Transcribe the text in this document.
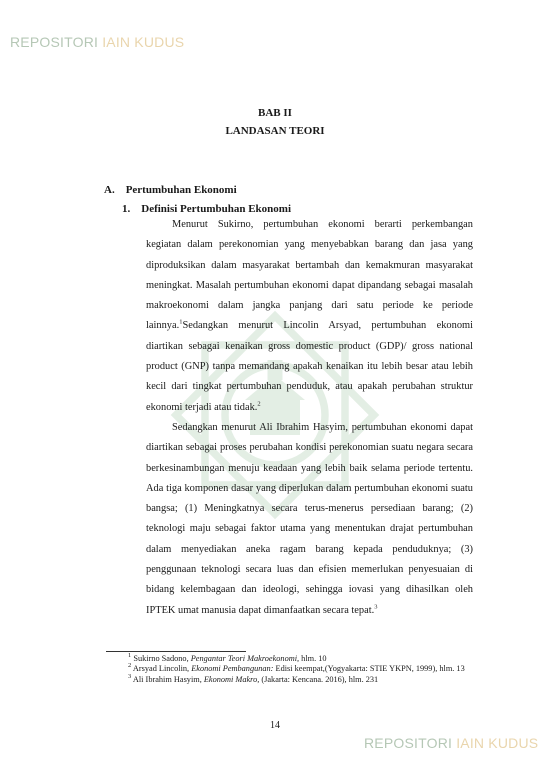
REPOSITORI IAIN KUDUS
BAB II
LANDASAN TEORI
A. Pertumbuhan Ekonomi
1. Definisi Pertumbuhan Ekonomi

Menurut Sukirno, pertumbuhan ekonomi berarti perkembangan kegiatan dalam perekonomian yang menyebabkan barang dan jasa yang diproduksikan dalam masyarakat bertambah dan kemakmuran masyarakat meningkat. Masalah pertumbuhan ekonomi dapat dipandang sebagai masalah makroekonomi dalam jangka panjang dari satu periode ke periode lainnya.$^1$Sedangkan menurut Lincolin Arsyad, pertumbuhan ekonomi diartikan sebagai kenaikan gross domestic product (GDP)/ gross national product (GNP) tanpa memandang apakah kenaikan itu lebih besar atau lebih kecil dari tingkat pertumbuhan penduduk, atau apakah perubahan struktur ekonomi terjadi atau tidak.$^2$

Sedangkan menurut Ali Ibrahim Hasyim, pertumbuhan ekonomi dapat diartikan sebagai proses perubahan kondisi perekonomian suatu negara secara berkesinambungan menuju keadaan yang lebih baik selama periode tertentu. Ada tiga komponen dasar yang diperlukan dalam pertumbuhan ekonomi suatu bangsa; (1) Meningkatnya secara terus-menerus persediaan barang; (2) teknologi maju sebagai faktor utama yang menentukan drajat pertumbuhan dalam menyediakan aneka ragam barang kepada penduduknya; (3) penggunaan teknologi secara luas dan efisien memerlukan penyesuaian di bidang kelembagaan dan ideologi, sehingga iovasi yang dihasilkan oleh IPTEK umat manusia dapat dimanfaatkan secara tepat.$^3$

$^1$ Sukirno Sadono, Pengantar Teori Makroekonomi, hlm. 10

$^2$ Arsyad Lincolin, Ekonomi Pembangunan: Edisi keempat,(Yogyakarta: STIE YKPN, 1999), hlm. 13

$^3$ Ali Ibrahim Hasyim, Ekonomi Makro, (Jakarta: Kencana. 2016), hlm. 231

14
REPOSITORI IAIN KUDUS
